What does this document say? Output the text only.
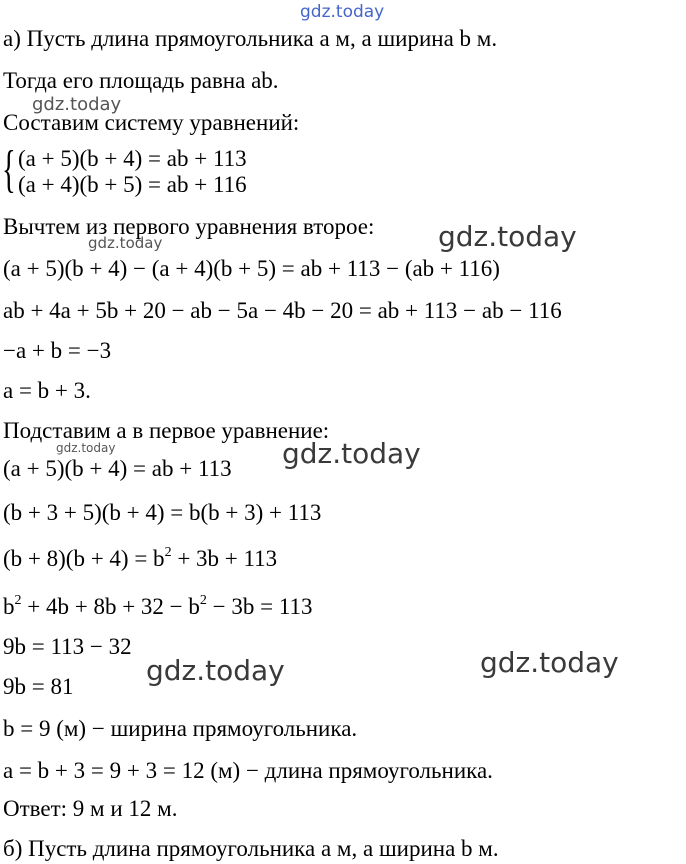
gdz.today
а) Пусть длина прямоугольника a м, а ширина b м.
Тогда его площадь равна ab.
gdz.today
Составим систему уравнений:
{ (a + 5)(b + 4) = ab + 113
(a + 4)(b + 5) = ab + 116
Вычтем из первого уравнения второе: gdz.today
gdz.today
(a + 5)(b + 4) − (a + 4)(b + 5) = ab + 113 − (ab + 116)
ab + 4a + 5b + 20 − ab − 5a − 4b − 20 = ab + 113 − ab − 116
−a + b = −3
a = b + 3.
Подставим a в первое уравнение:
gdz.today	gdz.today
(a + 5)(b + 4) = ab + 113
(b + 3 + 5)(b + 4) = b(b + 3) + 113
$(b + 8)(b + 4) = b^2 + 3b + 113$
$b^2 + 4b + 8b + 32 - b^2 - 3b = 113$
9b = 113 − 32
gdz.today	gdz.today
9b = 81
b = 9 (м) − ширина прямоугольника.
a = b + 3 = 9 + 3 = 12 (м) − длина прямоугольника.
Ответ: 9 м и 12 м.
б) Пусть длина прямоугольника a м, а ширина b м.
